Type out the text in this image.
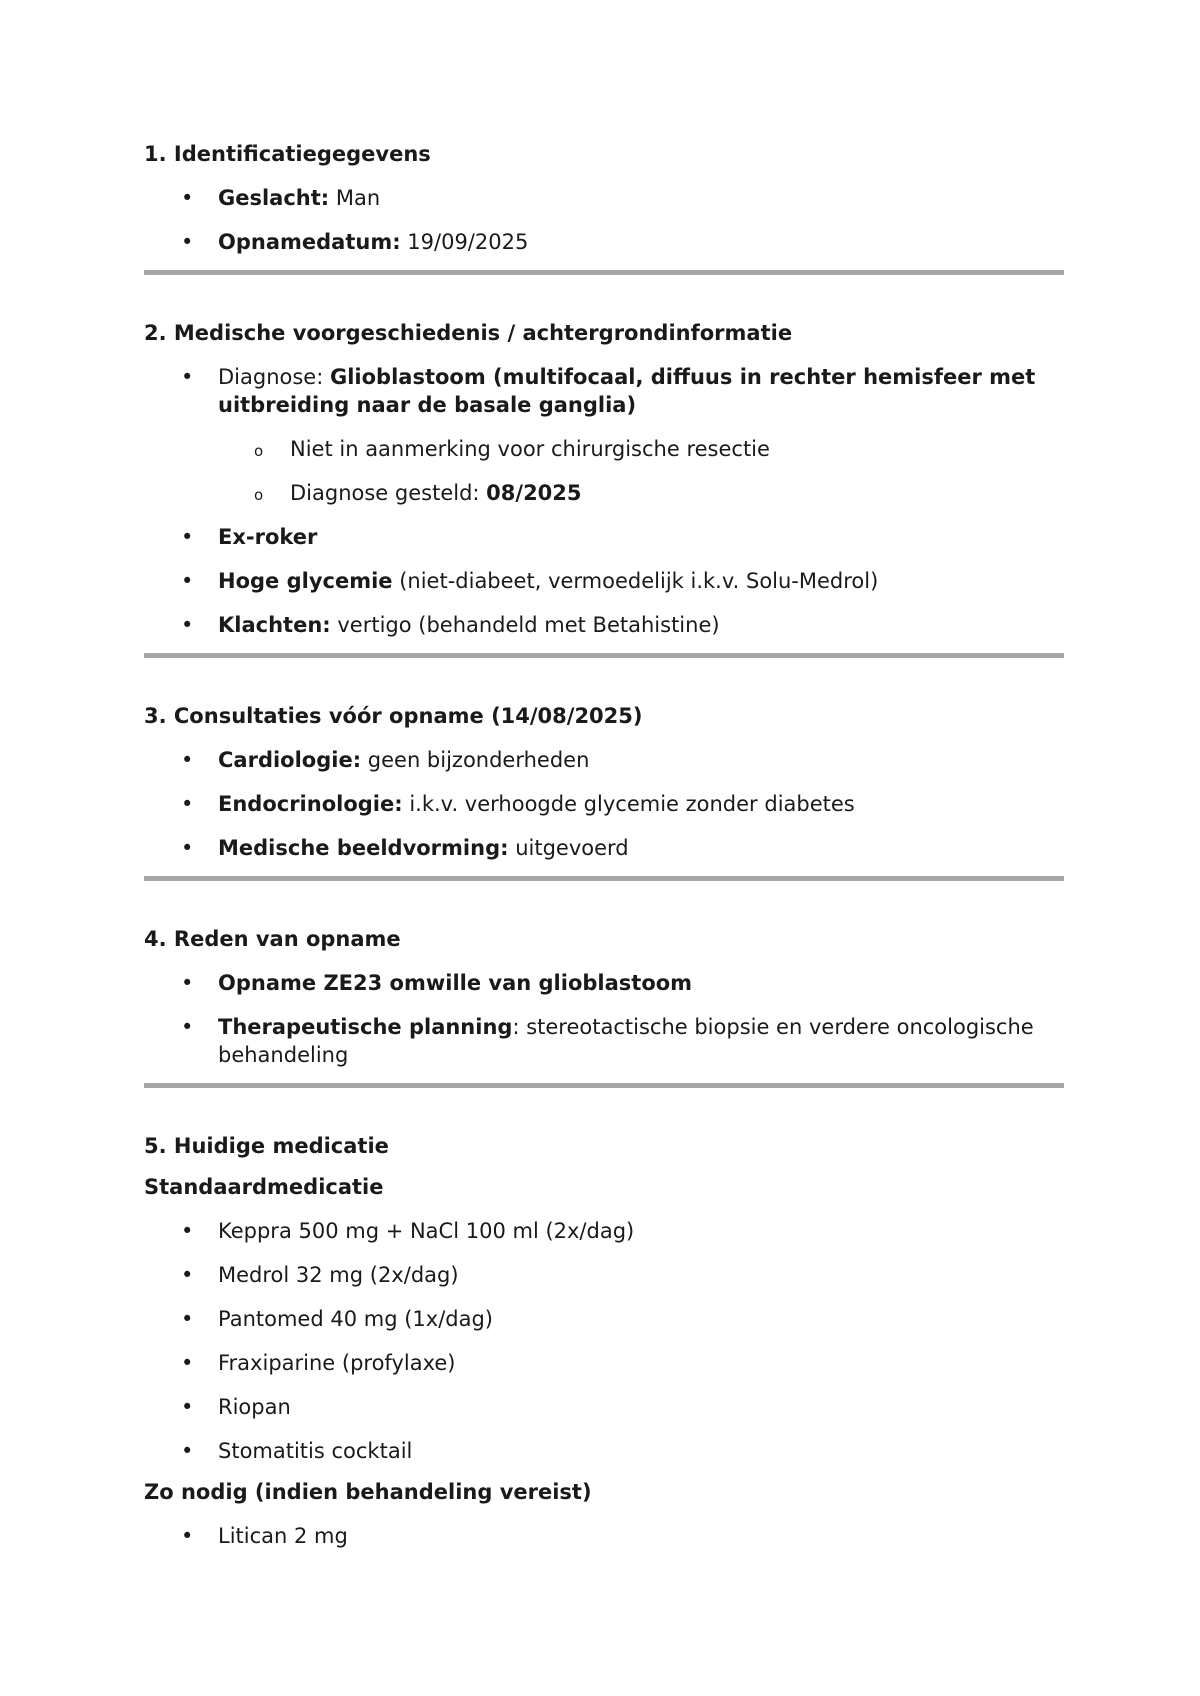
1. Identificatiegegevens

• Geslacht: Man
• Opnamedatum: 19/09/2025

2. Medische voorgeschiedenis / achtergrondinformatie

• Diagnose: Glioblastoom (multifocaal, diffuus in rechter hemisfeer met uitbreiding naar de basale ganglia)
o Niet in aanmerking voor chirurgische resectie
o Diagnose gesteld: 08/2025
• Ex-roker
• Hoge glycemie (niet-diabeet, vermoedelijk i.k.v. Solu-Medrol)
• Klachten: vertigo (behandeld met Betahistine)

3. Consultaties vóór opname (14/08/2025)

• Cardiologie: geen bijzonderheden
• Endocrinologie: i.k.v. verhoogde glycemie zonder diabetes
• Medische beeldvorming: uitgevoerd

4. Reden van opname

• Opname ZE23 omwille van glioblastoom
• Therapeutische planning: stereotactische biopsie en verdere oncologische behandeling

5. Huidige medicatie

Standaardmedicatie

• Keppra 500 mg + NaCl 100 ml (2x/dag)
• Medrol 32 mg (2x/dag)
• Pantomed 40 mg (1x/dag)
• Fraxiparine (profylaxe)
• Riopan
• Stomatitis cocktail

Zo nodig (indien behandeling vereist)

• Litican 2 mg
